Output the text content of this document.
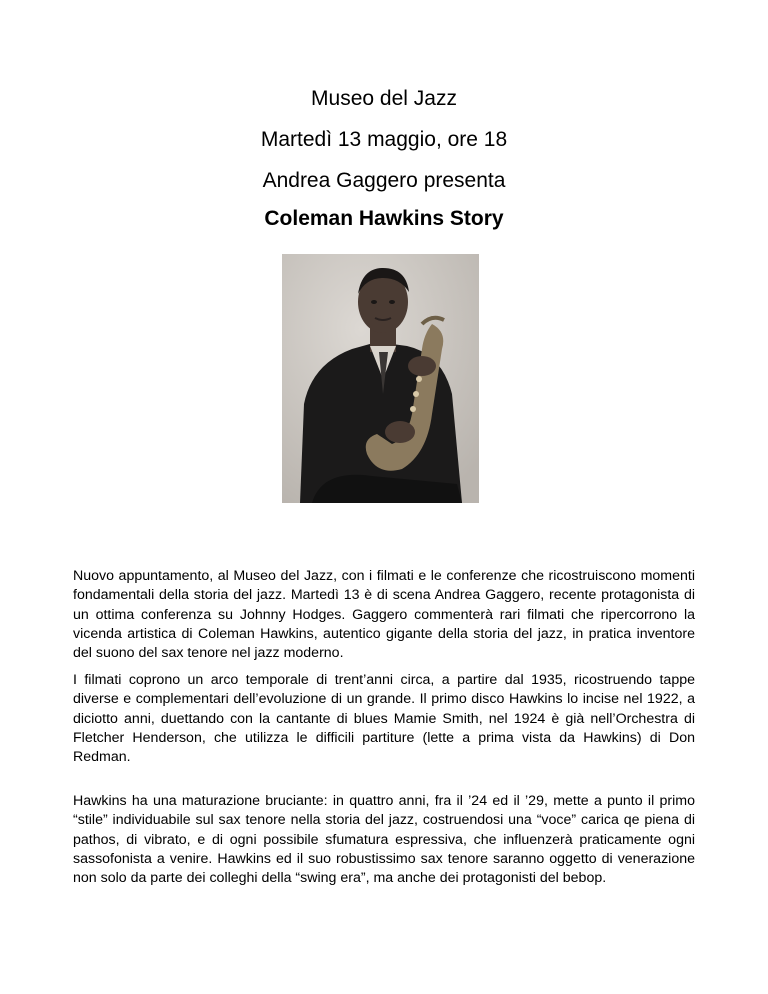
Museo del Jazz
Martedì 13 maggio, ore 18
Andrea Gaggero presenta
Coleman Hawkins Story
Nuovo appuntamento, al Museo del Jazz, con i filmati e le conferenze che ricostruiscono momenti fondamentali della storia del jazz. Martedì 13 è di scena Andrea Gaggero, recente protagonista di un ottima conferenza su Johnny Hodges. Gaggero commenterà rari filmati che ripercorrono la vicenda artistica di Coleman Hawkins, autentico gigante della storia del jazz, in pratica inventore del suono del sax tenore nel jazz moderno.
I filmati coprono un arco temporale di trent’anni circa, a partire dal 1935, ricostruendo tappe diverse e complementari dell’evoluzione di un grande. Il primo disco Hawkins lo incise nel 1922, a diciotto anni, duettando con la cantante di blues Mamie Smith, nel 1924 è già nell’Orchestra di Fletcher Henderson, che utilizza le difficili partiture (lette a prima vista da Hawkins) di Don Redman.
Hawkins ha una maturazione bruciante: in quattro anni, fra il ’24 ed il ’29, mette a punto il primo “stile” individuabile sul sax tenore nella storia del jazz, costruendosi una “voce” carica qe piena di pathos, di vibrato, e di ogni possibile sfumatura espressiva, che influenzerà praticamente ogni sassofonista a venire. Hawkins ed il suo robustissimo sax tenore saranno oggetto di venerazione non solo da parte dei colleghi della “swing era”, ma anche dei protagonisti del bebop.
